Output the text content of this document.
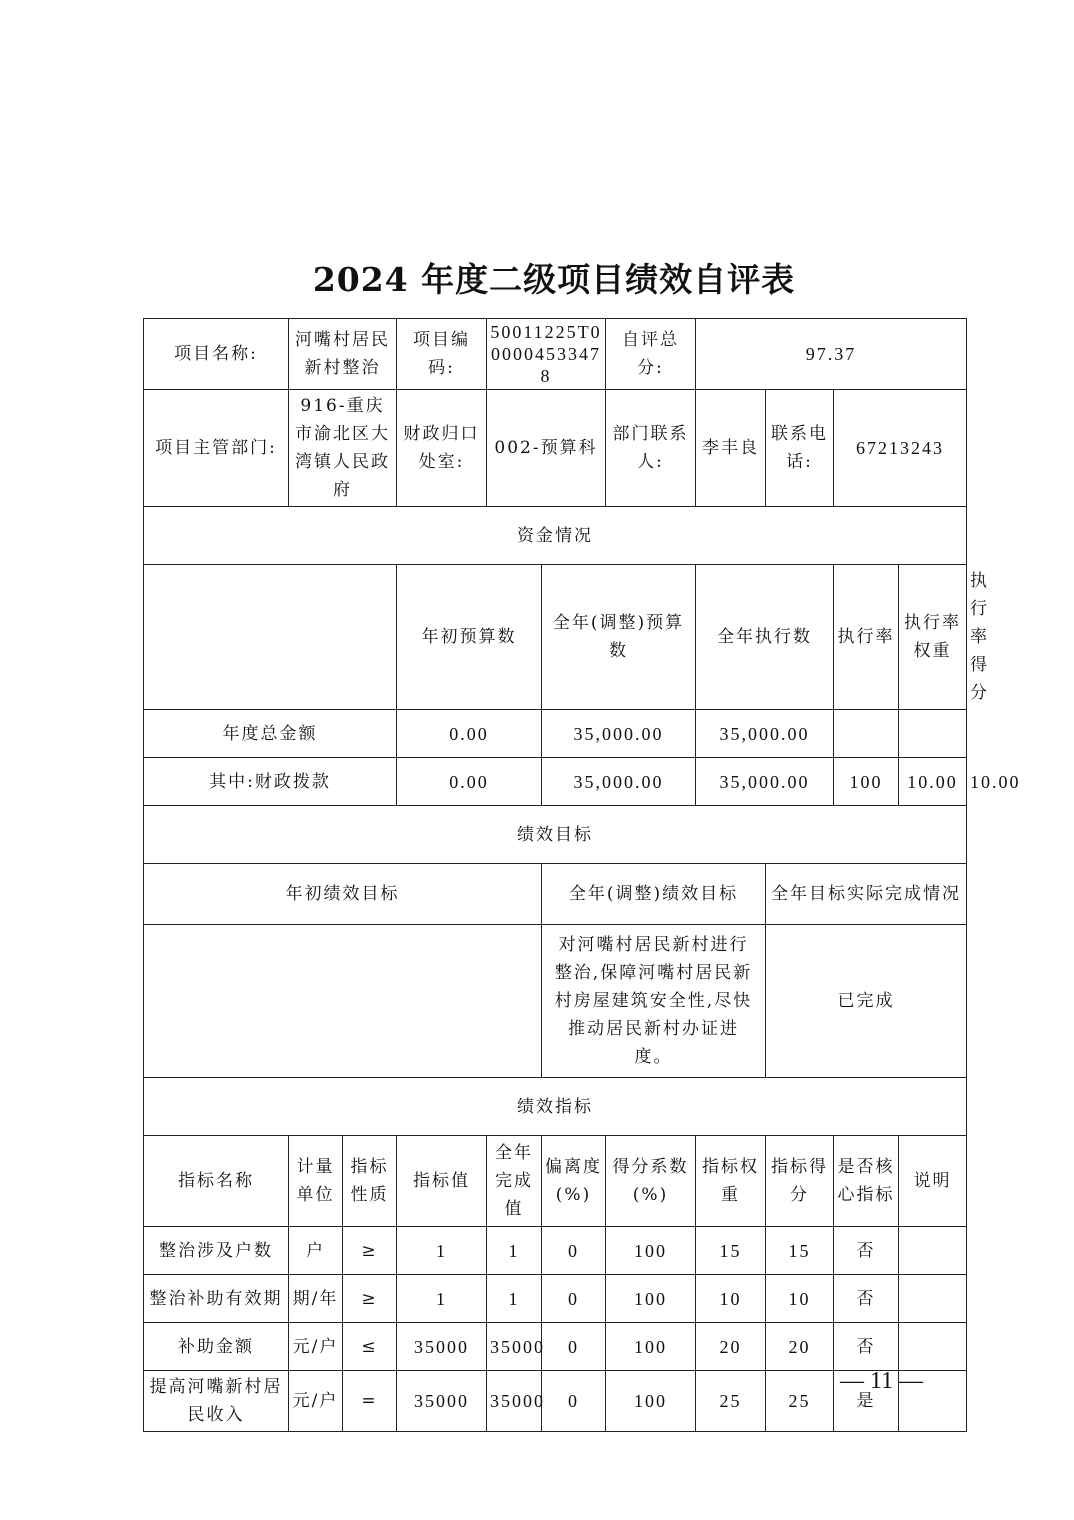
2024 年度二级项目绩效自评表
项目名称:	河嘴村居民新村整治		项目编码:	50011225T000004533478		自评总分:	97.37				
项目主管部门:	916-重庆市渝北区大湾镇人民政府		财政归口处室:	002-预算科		部门联系人:	李丰良	联系电话:	67213243		
资金情况											
			年初预算数		全年(调整)预算数		全年执行数		执行率	执行率权重	执行率得分
年度总金额			0.00		35,000.00		35,000.00				
其中:财政拨款			0.00		35,000.00		35,000.00		100	10.00	10.00
绩效目标											
年初绩效目标					全年(调整)绩效目标			全年目标实际完成情况			
					对河嘴村居民新村进行整治,保障河嘴村居民新村房屋建筑安全性,尽快推动居民新村办证进度。			已完成			
绩效指标											
指标名称	计量单位	指标性质	指标值	全年完成值	偏离度(%)	得分系数(%)	指标权重	指标得分	是否核心指标	说明	
整治涉及户数	户	≥	1	1	0	100	15	15	否		
整治补助有效期	期/年	≥	1	1	0	100	10	10	否		
补助金额	元/户	≤	35000	35000	0	100	20	20	否		
提高河嘴新村居民收入	元/户	=	35000	35000	0	100	25	25	是		
— 11 —
